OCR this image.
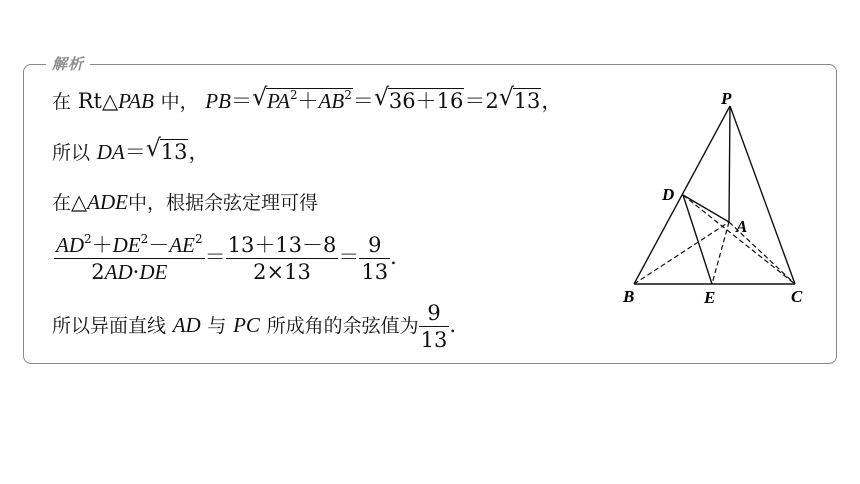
解析
在 Rt△PAB 中， PB＝ √ $PA^2+AB^2=$ √ 36＋16＝2 √ 13，
所以 DA＝ √ 13，
在△ADE中，根据余弦定理可得
$\frac{AD^2+DE^2-AE^2}{2AD\cdot DE} = \frac{13+13-8}{2\times 13} = \frac{9}{13}$ .
所以异面直线 AD 与 PC 所成角的余弦值为 $\frac{9}{13}$ .
P
D
A
B	E	C
